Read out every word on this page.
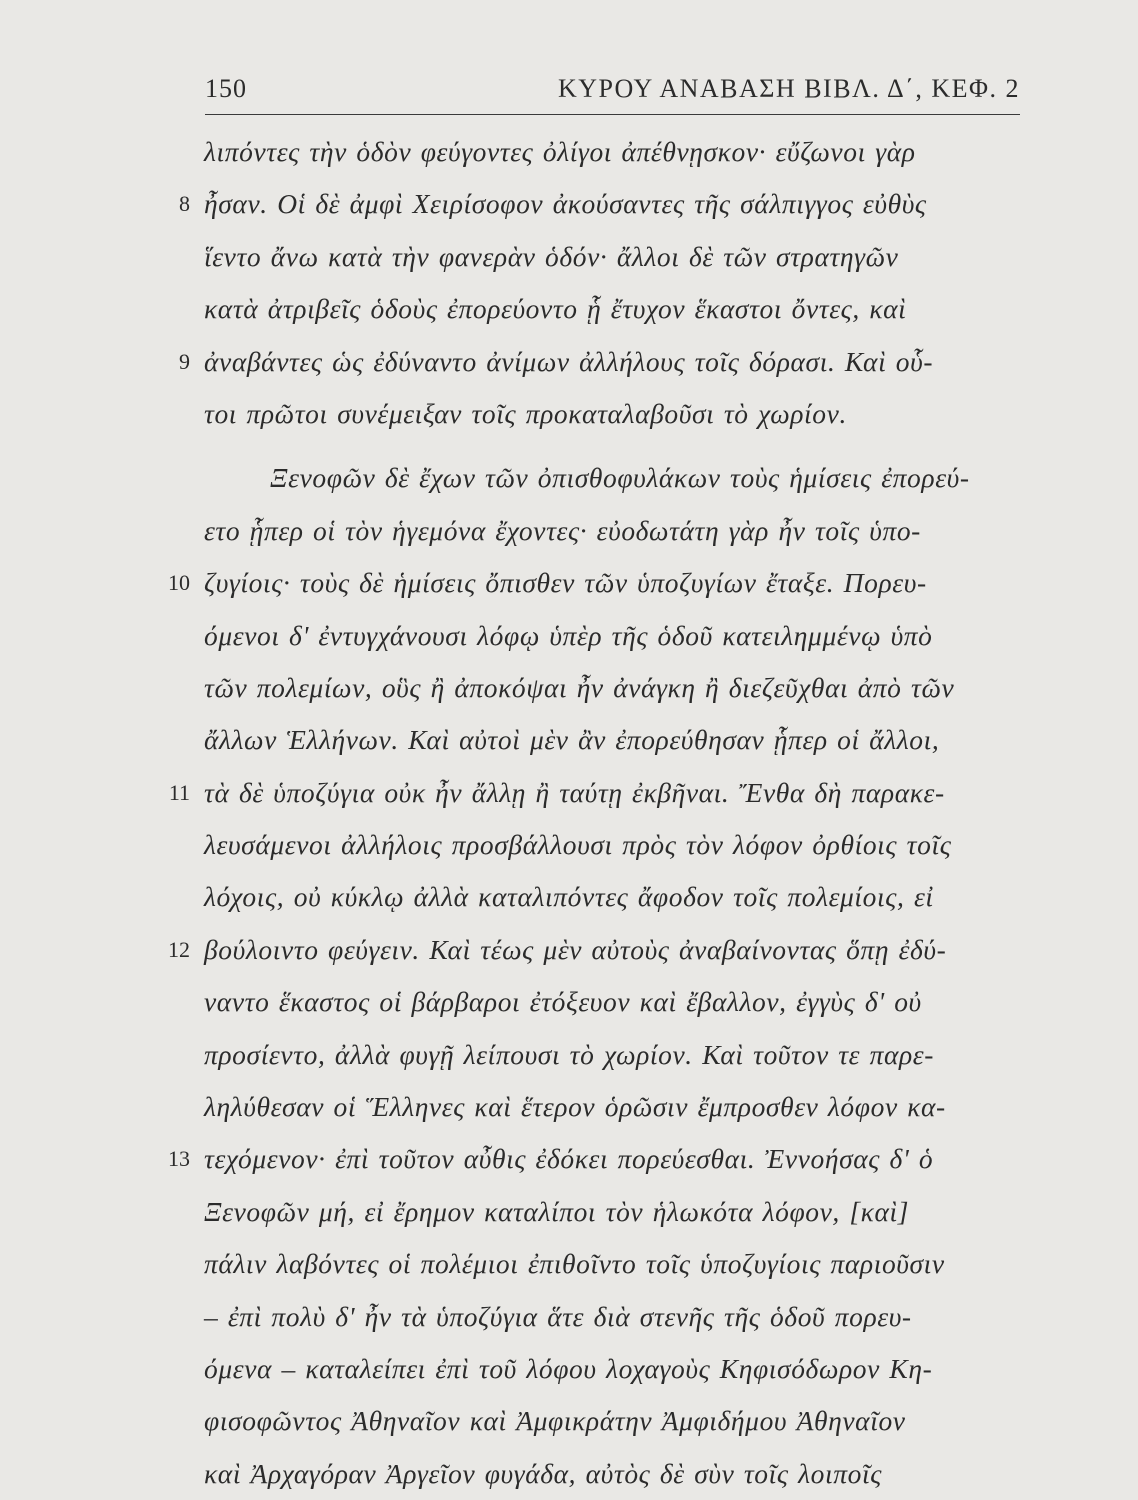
150	ΚΥΡΟΥ ΑΝΑΒΑΣΗ ΒΙΒΛ. Δ΄, ΚΕΦ. 2
λιπόντες τὴν ὁδὸν φεύγοντες ὀλίγοι ἀπέθνῃσκον· εὔζωνοι γὰρ
8 ἦσαν. Οἱ δὲ ἀμφὶ Χειρίσοφον ἀκούσαντες τῆς σάλπιγγος εὐθὺς
ἵεντο ἄνω κατὰ τὴν φανερὰν ὁδόν· ἄλλοι δὲ τῶν στρατηγῶν
κατὰ ἀτριβεῖς ὁδοὺς ἐπορεύοντο ᾗ ἔτυχον ἕκαστοι ὄντες, καὶ
9 ἀναβάντες ὡς ἐδύναντο ἀνίμων ἀλλήλους τοῖς δόρασι. Καὶ οὗ-
τοι πρῶτοι συνέμειξαν τοῖς προκαταλαβοῦσι τὸ χωρίον.
Ξενοφῶν δὲ ἔχων τῶν ὀπισθοφυλάκων τοὺς ἡμίσεις ἐπορεύ-
ετο ᾗπερ οἱ τὸν ἡγεμόνα ἔχοντες· εὐοδωτάτη γὰρ ἦν τοῖς ὑπο-
10 ζυγίοις· τοὺς δὲ ἡμίσεις ὄπισθεν τῶν ὑποζυγίων ἔταξε. Πορευ-
όμενοι δ' ἐντυγχάνουσι λόφῳ ὑπὲρ τῆς ὁδοῦ κατειλημμένῳ ὑπὸ
τῶν πολεμίων, οὓς ἢ ἀποκόψαι ἦν ἀνάγκη ἢ διεζεῦχθαι ἀπὸ τῶν
ἄλλων Ἑλλήνων. Καὶ αὐτοὶ μὲν ἂν ἐπορεύθησαν ᾗπερ οἱ ἄλλοι,
11 τὰ δὲ ὑποζύγια οὐκ ἦν ἄλλῃ ἢ ταύτῃ ἐκβῆναι. Ἔνθα δὴ παρακε-
λευσάμενοι ἀλλήλοις προσβάλλουσι πρὸς τὸν λόφον ὀρθίοις τοῖς
λόχοις, οὐ κύκλῳ ἀλλὰ καταλιπόντες ἄφοδον τοῖς πολεμίοις, εἰ
12 βούλοιντο φεύγειν. Καὶ τέως μὲν αὐτοὺς ἀναβαίνοντας ὅπῃ ἐδύ-
ναντο ἕκαστος οἱ βάρβαροι ἐτόξευον καὶ ἔβαλλον, ἐγγὺς δ' οὐ
προσίεντο, ἀλλὰ φυγῇ λείπουσι τὸ χωρίον. Καὶ τοῦτον τε παρε-
ληλύθεσαν οἱ Ἕλληνες καὶ ἕτερον ὁρῶσιν ἔμπροσθεν λόφον κα-
13 τεχόμενον· ἐπὶ τοῦτον αὖθις ἐδόκει πορεύεσθαι. Ἐννοήσας δ' ὁ
Ξενοφῶν μή, εἰ ἔρημον καταλίποι τὸν ἡλωκότα λόφον, [καὶ]
πάλιν λαβόντες οἱ πολέμιοι ἐπιθοῖντο τοῖς ὑποζυγίοις παριοῦσιν
– ἐπὶ πολὺ δ' ἦν τὰ ὑποζύγια ἅτε διὰ στενῆς τῆς ὁδοῦ πορευ-
όμενα – καταλείπει ἐπὶ τοῦ λόφου λοχαγοὺς Κηφισόδωρον Κη-
φισοφῶντος Ἀθηναῖον καὶ Ἀμφικράτην Ἀμφιδήμου Ἀθηναῖον
καὶ Ἀρχαγόραν Ἀργεῖον φυγάδα, αὐτὸς δὲ σὺν τοῖς λοιποῖς
